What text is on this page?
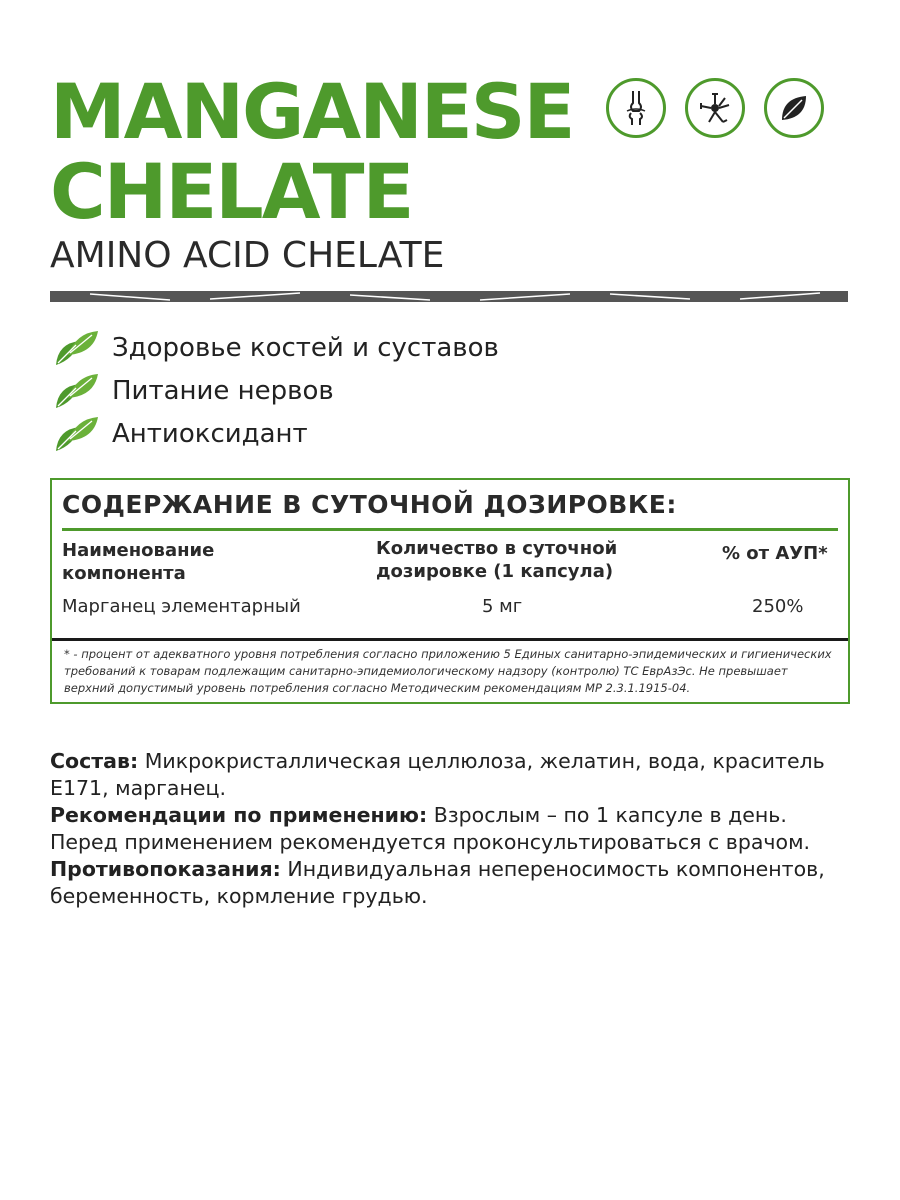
MANGANESE
CHELATE
AMINO ACID CHELATE
Здоровье костей и суставов
Питание нервов
Антиоксидант
СОДЕРЖАНИЕ В СУТОЧНОЙ ДОЗИРОВКЕ:
Наименование
компонента
Количество в суточной
дозировке (1 капсула)
% от АУП*
Марганец элементарный	5 мг	250%
* - процент от адекватного уровня потребления согласно приложению 5 Единых санитарно-эпидемических и гигиенических требований к товарам подлежащим санитарно-эпидемиологическому надзору (контролю) ТС ЕврАзЭс. Не превышает верхний допустимый уровень потребления согласно Методическим рекомендациям МР 2.3.1.1915-04.

Состав: Микрокристаллическая целлюлоза, желатин, вода, краситель Е171, марганец.

Рекомендации по применению: Взрослым – по 1 капсуле в день. Перед применением рекомендуется проконсультироваться с врачом.

Противопоказания: Индивидуальная непереносимость компонентов, беременность, кормление грудью.
